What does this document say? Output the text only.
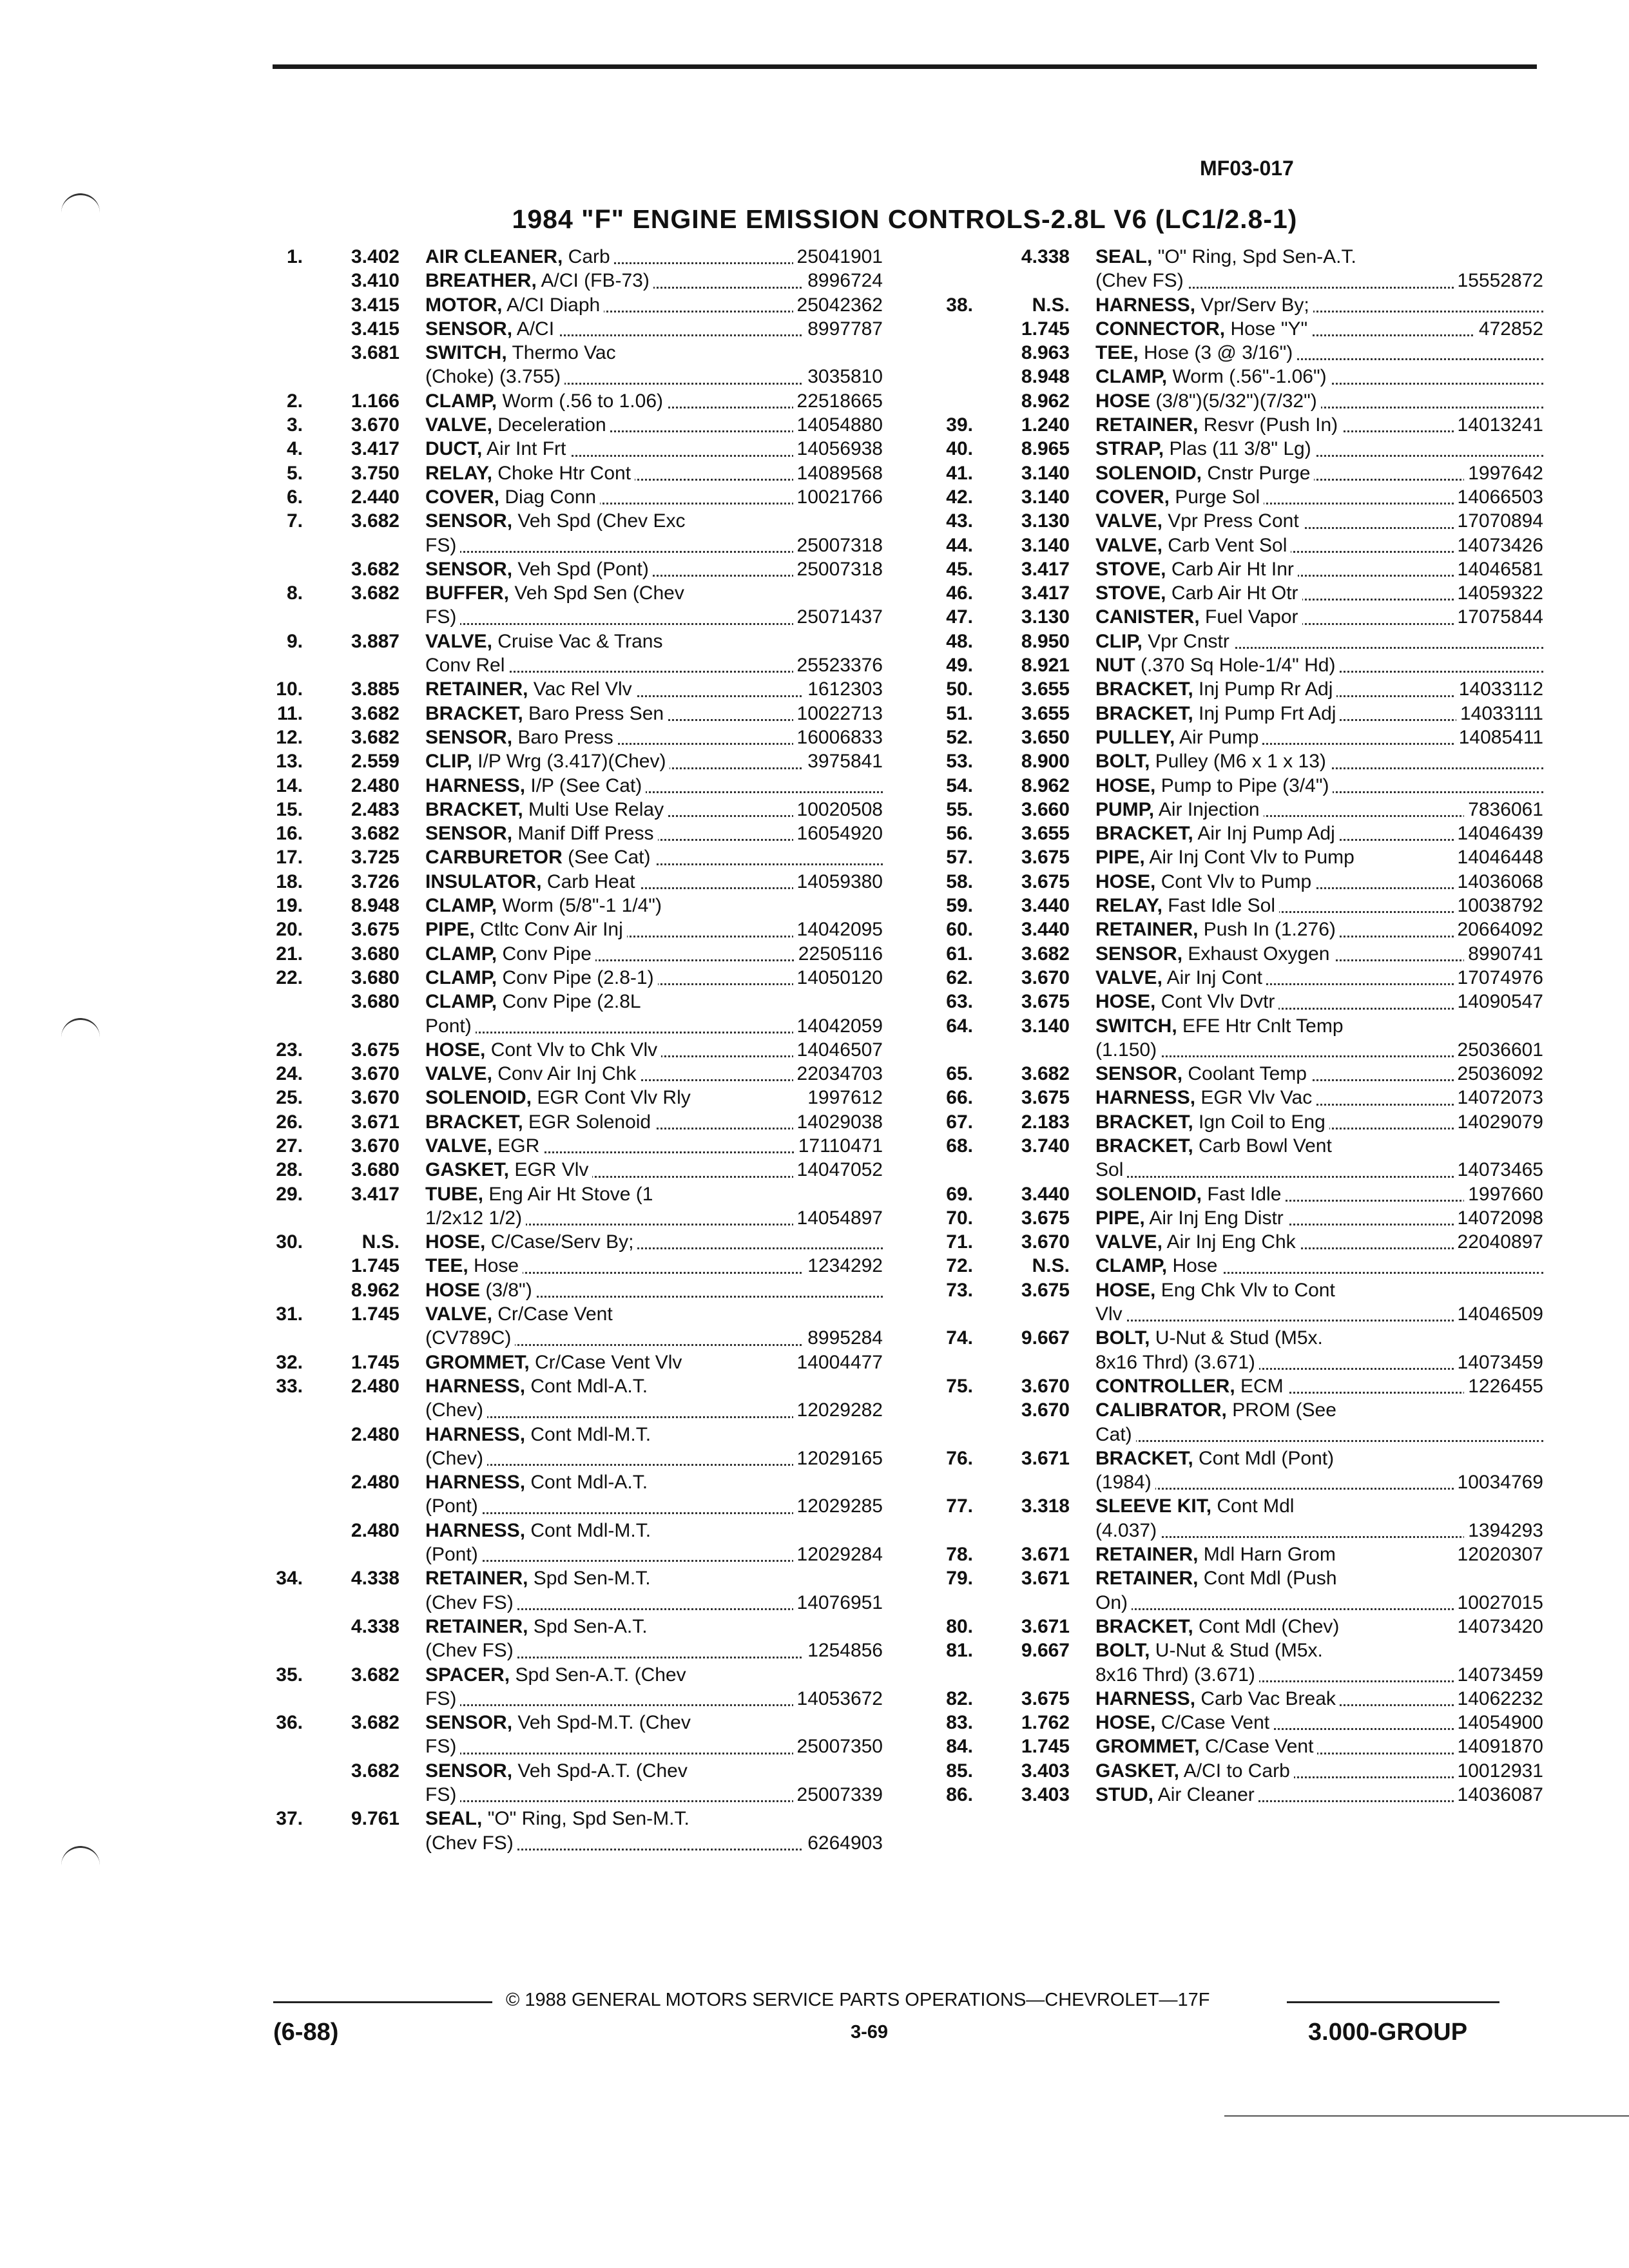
MF03-017
1984 "F" ENGINE EMISSION CONTROLS-2.8L V6 (LC1/2.8-1)
1.	3.402 AIR CLEANER, Carb	25041901
3.410 BREATHER, A/CI (FB-73)	8996724
3.415 MOTOR, A/CI Diaph	25042362
3.415 SENSOR, A/CI	8997787
3.681 SWITCH, Thermo Vac
(Choke) (3.755)	3035810
2.	1.166 CLAMP, Worm (.56 to 1.06)	22518665
3.	3.670 VALVE, Deceleration	14054880
4.	3.417 DUCT, Air Int Frt	14056938
5.	3.750 RELAY, Choke Htr Cont	14089568
6.	2.440 COVER, Diag Conn	10021766
7.	3.682 SENSOR, Veh Spd (Chev Exc
FS)	25007318
3.682 SENSOR, Veh Spd (Pont)	25007318
8.	3.682 BUFFER, Veh Spd Sen (Chev
FS)	25071437
9.	3.887 VALVE, Cruise Vac & Trans
Conv Rel	25523376
10.	3.885 RETAINER, Vac Rel Vlv	1612303
11.	3.682 BRACKET, Baro Press Sen	10022713
12.	3.682 SENSOR, Baro Press	16006833
13.	2.559 CLIP, I/P Wrg (3.417)(Chev)	3975841
14.	2.480 HARNESS, I/P (See Cat)
15.	2.483 BRACKET, Multi Use Relay	10020508
16.	3.682 SENSOR, Manif Diff Press	16054920
17.	3.725 CARBURETOR (See Cat)
18.	3.726 INSULATOR, Carb Heat	14059380
19.	8.948 CLAMP, Worm (5/8"-1 1/4")
20.	3.675 PIPE, Ctltc Conv Air Inj	14042095
21.	3.680 CLAMP, Conv Pipe	22505116
22.	3.680 CLAMP, Conv Pipe (2.8-1)	14050120
3.680 CLAMP, Conv Pipe (2.8L
Pont)	14042059
23.	3.675 HOSE, Cont Vlv to Chk Vlv	14046507
24.	3.670 VALVE, Conv Air Inj Chk	22034703
25.	3.670 SOLENOID, EGR Cont Vlv Rly	1997612
26.	3.671 BRACKET, EGR Solenoid	14029038
27.	3.670 VALVE, EGR	17110471
28.	3.680 GASKET, EGR Vlv	14047052
29.	3.417 TUBE, Eng Air Ht Stove (1
1/2x12 1/2)	14054897
30.	N.S. HOSE, C/Case/Serv By;
1.745 TEE, Hose	1234292
8.962 HOSE (3/8")
31.	1.745 VALVE, Cr/Case Vent
(CV789C)	8995284
32.	1.745 GROMMET, Cr/Case Vent Vlv	14004477
33.	2.480 HARNESS, Cont Mdl-A.T.
(Chev)	12029282
2.480 HARNESS, Cont Mdl-M.T.
(Chev)	12029165
2.480 HARNESS, Cont Mdl-A.T.
(Pont)	12029285
2.480 HARNESS, Cont Mdl-M.T.
(Pont)	12029284
34.	4.338 RETAINER, Spd Sen-M.T.
(Chev FS)	14076951
4.338 RETAINER, Spd Sen-A.T.
(Chev FS)	1254856
35.	3.682 SPACER, Spd Sen-A.T. (Chev
FS)	14053672
36.	3.682 SENSOR, Veh Spd-M.T. (Chev
FS)	25007350
3.682 SENSOR, Veh Spd-A.T. (Chev
FS)	25007339
37.	9.761 SEAL, "O" Ring, Spd Sen-M.T.
(Chev FS)	6264903
4.338 SEAL, "O" Ring, Spd Sen-A.T.
(Chev FS)	15552872
38.	N.S. HARNESS, Vpr/Serv By;
1.745 CONNECTOR, Hose "Y"	472852
8.963 TEE, Hose (3 @ 3/16")
8.948 CLAMP, Worm (.56"-1.06")
8.962 HOSE (3/8")(5/32")(7/32")
39.	1.240 RETAINER, Resvr (Push In)	14013241
40.	8.965 STRAP, Plas (11 3/8" Lg)
41.	3.140 SOLENOID, Cnstr Purge	1997642
42.	3.140 COVER, Purge Sol	14066503
43.	3.130 VALVE, Vpr Press Cont	17070894
44.	3.140 VALVE, Carb Vent Sol	14073426
45.	3.417 STOVE, Carb Air Ht Inr	14046581
46.	3.417 STOVE, Carb Air Ht Otr	14059322
47.	3.130 CANISTER, Fuel Vapor	17075844
48.	8.950 CLIP, Vpr Cnstr
49.	8.921 NUT (.370 Sq Hole-1/4" Hd)
50.	3.655 BRACKET, Inj Pump Rr Adj	14033112
51.	3.655 BRACKET, Inj Pump Frt Adj	14033111
52.	3.650 PULLEY, Air Pump	14085411
53.	8.900 BOLT, Pulley (M6 x 1 x 13)
54.	8.962 HOSE, Pump to Pipe (3/4")
55.	3.660 PUMP, Air Injection	7836061
56.	3.655 BRACKET, Air Inj Pump Adj	14046439
57.	3.675 PIPE, Air Inj Cont Vlv to Pump	14046448
58.	3.675 HOSE, Cont Vlv to Pump	14036068
59.	3.440 RELAY, Fast Idle Sol	10038792
60.	3.440 RETAINER, Push In (1.276)	20664092
61.	3.682 SENSOR, Exhaust Oxygen	8990741
62.	3.670 VALVE, Air Inj Cont	17074976
63.	3.675 HOSE, Cont Vlv Dvtr	14090547
64.	3.140 SWITCH, EFE Htr Cnlt Temp
(1.150)	25036601
65.	3.682 SENSOR, Coolant Temp	25036092
66.	3.675 HARNESS, EGR Vlv Vac	14072073
67.	2.183 BRACKET, Ign Coil to Eng	14029079
68.	3.740 BRACKET, Carb Bowl Vent
Sol	14073465
69.	3.440 SOLENOID, Fast Idle	1997660
70.	3.675 PIPE, Air Inj Eng Distr	14072098
71.	3.670 VALVE, Air Inj Eng Chk	22040897
72.	N.S. CLAMP, Hose
73.	3.675 HOSE, Eng Chk Vlv to Cont
Vlv	14046509
74.	9.667 BOLT, U-Nut & Stud (M5x.
8x16 Thrd) (3.671)	14073459
75.	3.670 CONTROLLER, ECM	1226455
3.670 CALIBRATOR, PROM (See
Cat)
76.	3.671 BRACKET, Cont Mdl (Pont)
(1984)	10034769
77.	3.318 SLEEVE KIT, Cont Mdl
(4.037)	1394293
78.	3.671 RETAINER, Mdl Harn Grom	12020307
79.	3.671 RETAINER, Cont Mdl (Push
On)	10027015
80.	3.671 BRACKET, Cont Mdl (Chev)	14073420
81.	9.667 BOLT, U-Nut & Stud (M5x.
8x16 Thrd) (3.671)	14073459
82.	3.675 HARNESS, Carb Vac Break	14062232
83.	1.762 HOSE, C/Case Vent	14054900
84.	1.745 GROMMET, C/Case Vent	14091870
85.	3.403 GASKET, A/CI to Carb	10012931
86.	3.403 STUD, Air Cleaner	14036087
© 1988 GENERAL MOTORS SERVICE PARTS OPERATIONS—CHEVROLET—17F
(6-88)	3-69	3.000-GROUP
